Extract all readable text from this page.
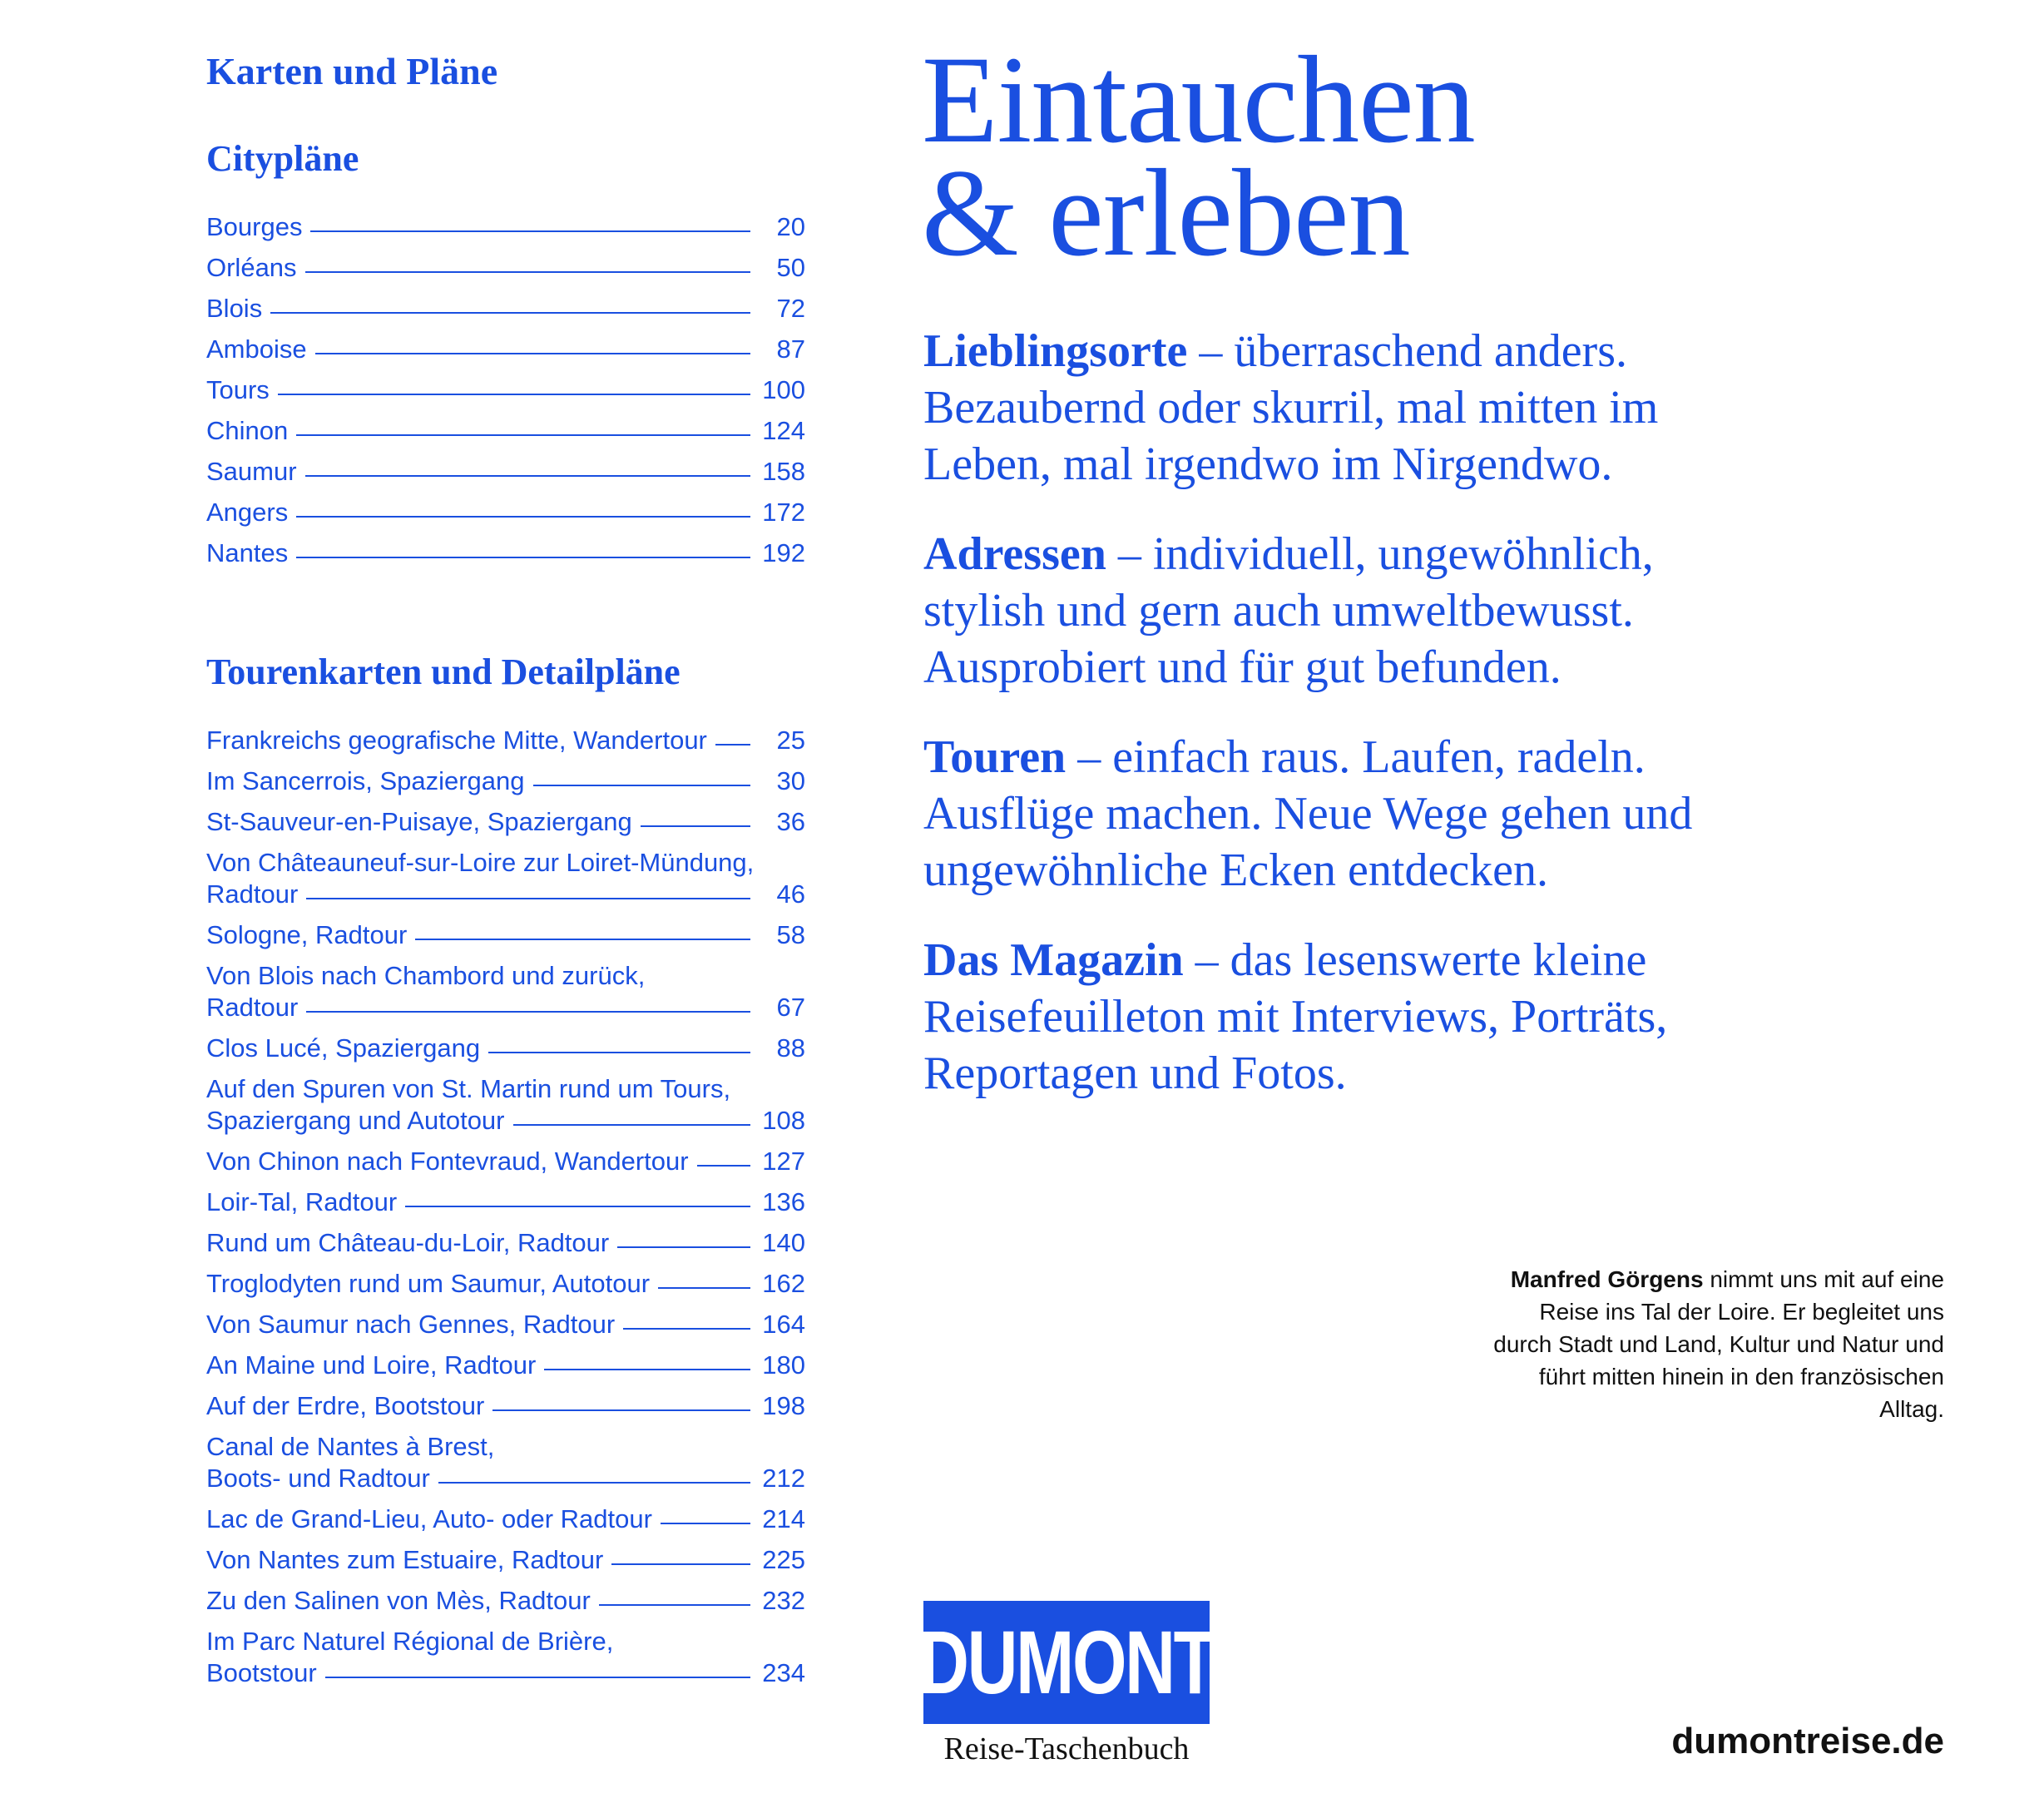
Karten und Pläne
Citypläne
Bourges	20
Orléans	50
Blois	72
Amboise	87
Tours	100
Chinon	124
Saumur	158
Angers	172
Nantes	192
Tourenkarten und Detailpläne
Frankreichs geografische Mitte, Wandertour	25
Im Sancerrois, Spaziergang	30
St-Sauveur-en-Puisaye, Spaziergang	36
Von Châteauneuf-sur-Loire zur Loiret-Mündung,
Radtour	46
Sologne, Radtour	58
Von Blois nach Chambord und zurück,
Radtour	67
Clos Lucé, Spaziergang	88
Auf den Spuren von St. Martin rund um Tours,
Spaziergang und Autotour	108
Von Chinon nach Fontevraud, Wandertour	127
Loir-Tal, Radtour	136
Rund um Château-du-Loir, Radtour	140
Troglodyten rund um Saumur, Autotour	162
Von Saumur nach Gennes, Radtour	164
An Maine und Loire, Radtour	180
Auf der Erdre, Bootstour	198
Canal de Nantes à Brest,
Boots- und Radtour	212
Lac de Grand-Lieu, Auto- oder Radtour	214
Von Nantes zum Estuaire, Radtour	225
Zu den Salinen von Mès, Radtour	232
Im Parc Naturel Régional de Brière,
Bootstour	234
Eintauchen
& erleben

Lieblingsorte – überraschend anders. Bezaubernd oder skurril, mal mitten im Leben, mal irgendwo im Nirgendwo.

Adressen – individuell, ungewöhnlich, stylish und gern auch umweltbewusst. Ausprobiert und für gut befunden.

Touren – einfach raus. Laufen, radeln. Ausflüge machen. Neue Wege gehen und ungewöhnliche Ecken entdecken.

Das Magazin – das lesenswerte kleine Reisefeuilleton mit Interviews, Porträts, Reportagen und Fotos.

Manfred Görgens nimmt uns mit auf eine Reise ins Tal der Loire. Er begleitet uns durch Stadt und Land, Kultur und Natur und führt mitten hinein in den französischen Alltag.
DUMONT
Reise-Taschenbuch	dumontreise.de
